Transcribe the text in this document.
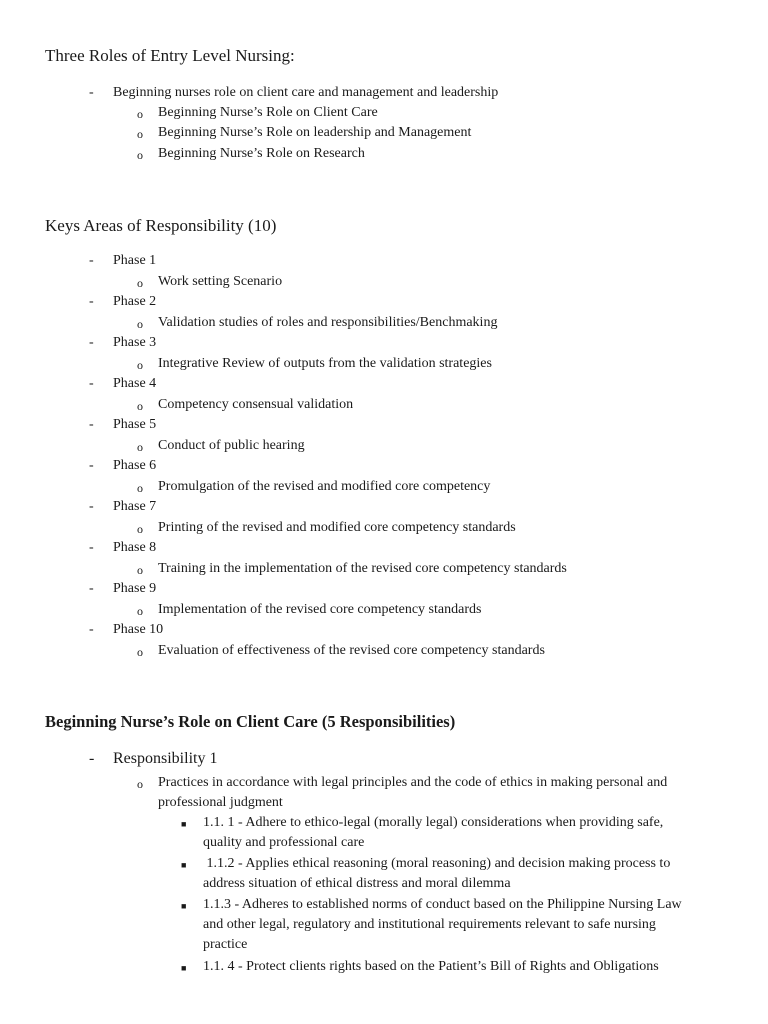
Three Roles of Entry Level Nursing:
- Beginning nurses role on client care and management and leadership
o Beginning Nurse’s Role on Client Care
o Beginning Nurse’s Role on leadership and Management
o Beginning Nurse’s Role on Research
Keys Areas of Responsibility (10)
- Phase 1
o Work setting Scenario
- Phase 2
o Validation studies of roles and responsibilities/Benchmaking
- Phase 3
o Integrative Review of outputs from the validation strategies
- Phase 4
o Competency consensual validation
- Phase 5
o Conduct of public hearing
- Phase 6
o Promulgation of the revised and modified core competency
- Phase 7
o Printing of the revised and modified core competency standards
- Phase 8
o Training in the implementation of the revised core competency standards
- Phase 9
o Implementation of the revised core competency standards
- Phase 10
o Evaluation of effectiveness of the revised core competency standards
Beginning Nurse’s Role on Client Care (5 Responsibilities)
- Responsibility 1
o Practices in accordance with legal principles and the code of ethics in making personal and
professional judgment
■ 1.1. 1 - Adhere to ethico-legal (morally legal) considerations when providing safe,
quality and professional care
■ 1.1.2 - Applies ethical reasoning (moral reasoning) and decision making process to
address situation of ethical distress and moral dilemma
■ 1.1.3 - Adheres to established norms of conduct based on the Philippine Nursing Law
and other legal, regulatory and institutional requirements relevant to safe nursing
practice
■ 1.1. 4 - Protect clients rights based on the Patient’s Bill of Rights and Obligations
